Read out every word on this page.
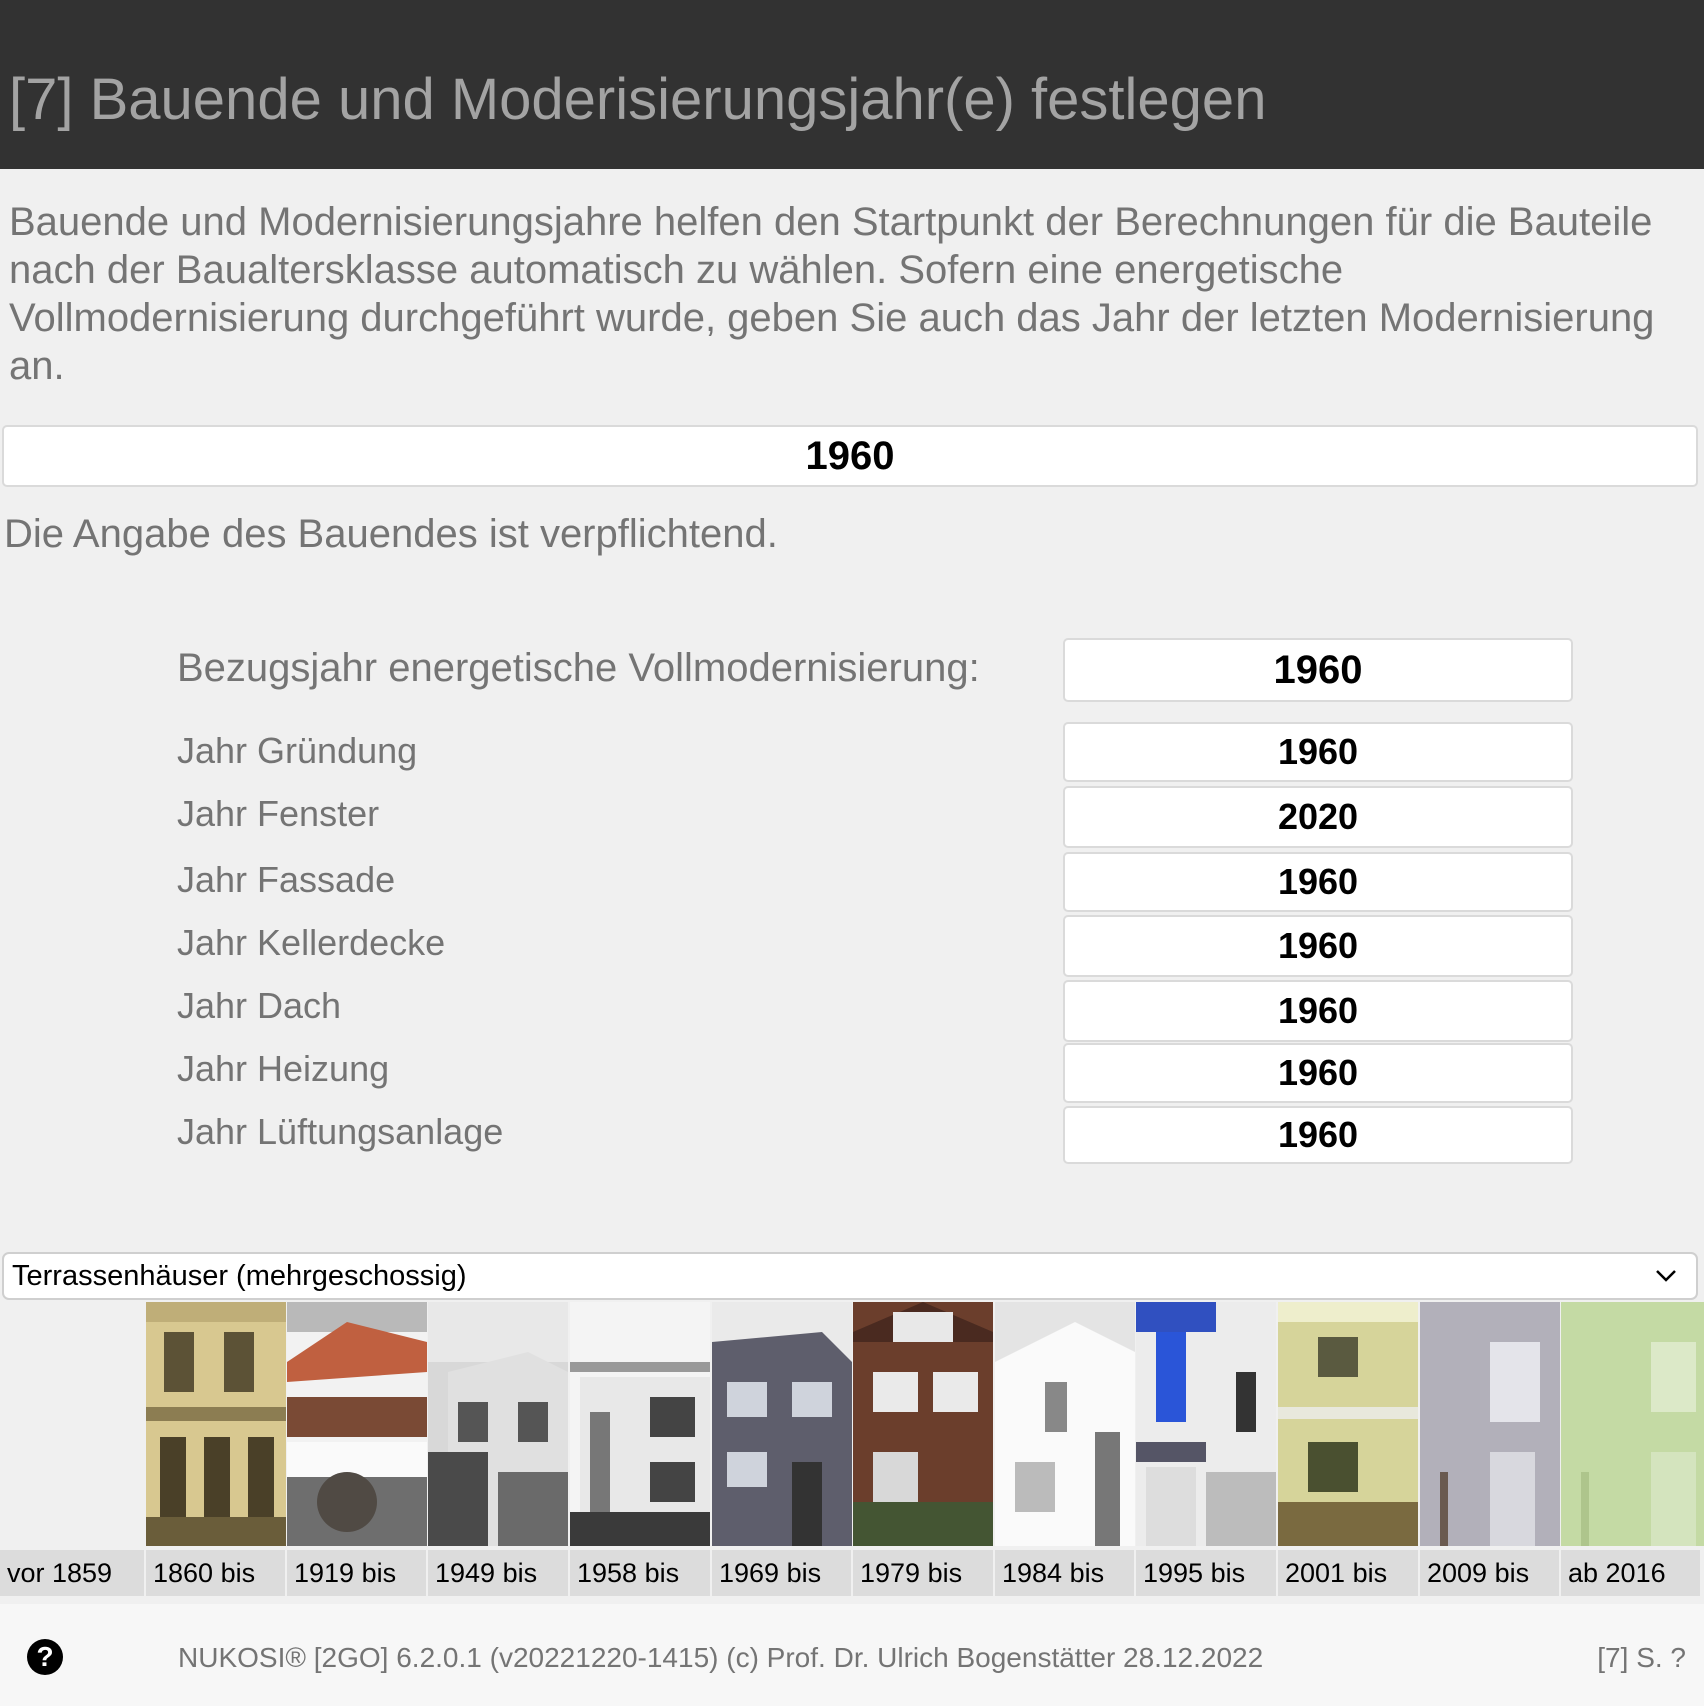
[7] Bauende und Moderisierungsjahr(e) festlegen
Bauende und Modernisierungsjahre helfen den Startpunkt der Berechnungen für die Bauteile nach der Baualtersklasse automatisch zu wählen. Sofern eine energetische Vollmodernisierung durchgeführt wurde, geben Sie auch das Jahr der letzten Modernisierung an.
1960
Die Angabe des Bauendes ist verpflichtend.
Bezugsjahr energetische Vollmodernisierung:	1960
Jahr Gründung	1960
Jahr Fenster	2020
Jahr Fassade	1960
Jahr Kellerdecke	1960
Jahr Dach	1960
Jahr Heizung	1960
Jahr Lüftungsanlage	1960
Terrassenhäuser (mehrgeschossig)
vor 1859	1860 bis	1919 bis	1949 bis	1958 bis	1969 bis	1979 bis	1984 bis	1995 bis	2001 bis	2009 bis	ab 2016
?	NUKOSI® [2GO] 6.2.0.1 (v20221220-1415) (c) Prof. Dr. Ulrich Bogenstätter 28.12.2022	[7] S. ?
